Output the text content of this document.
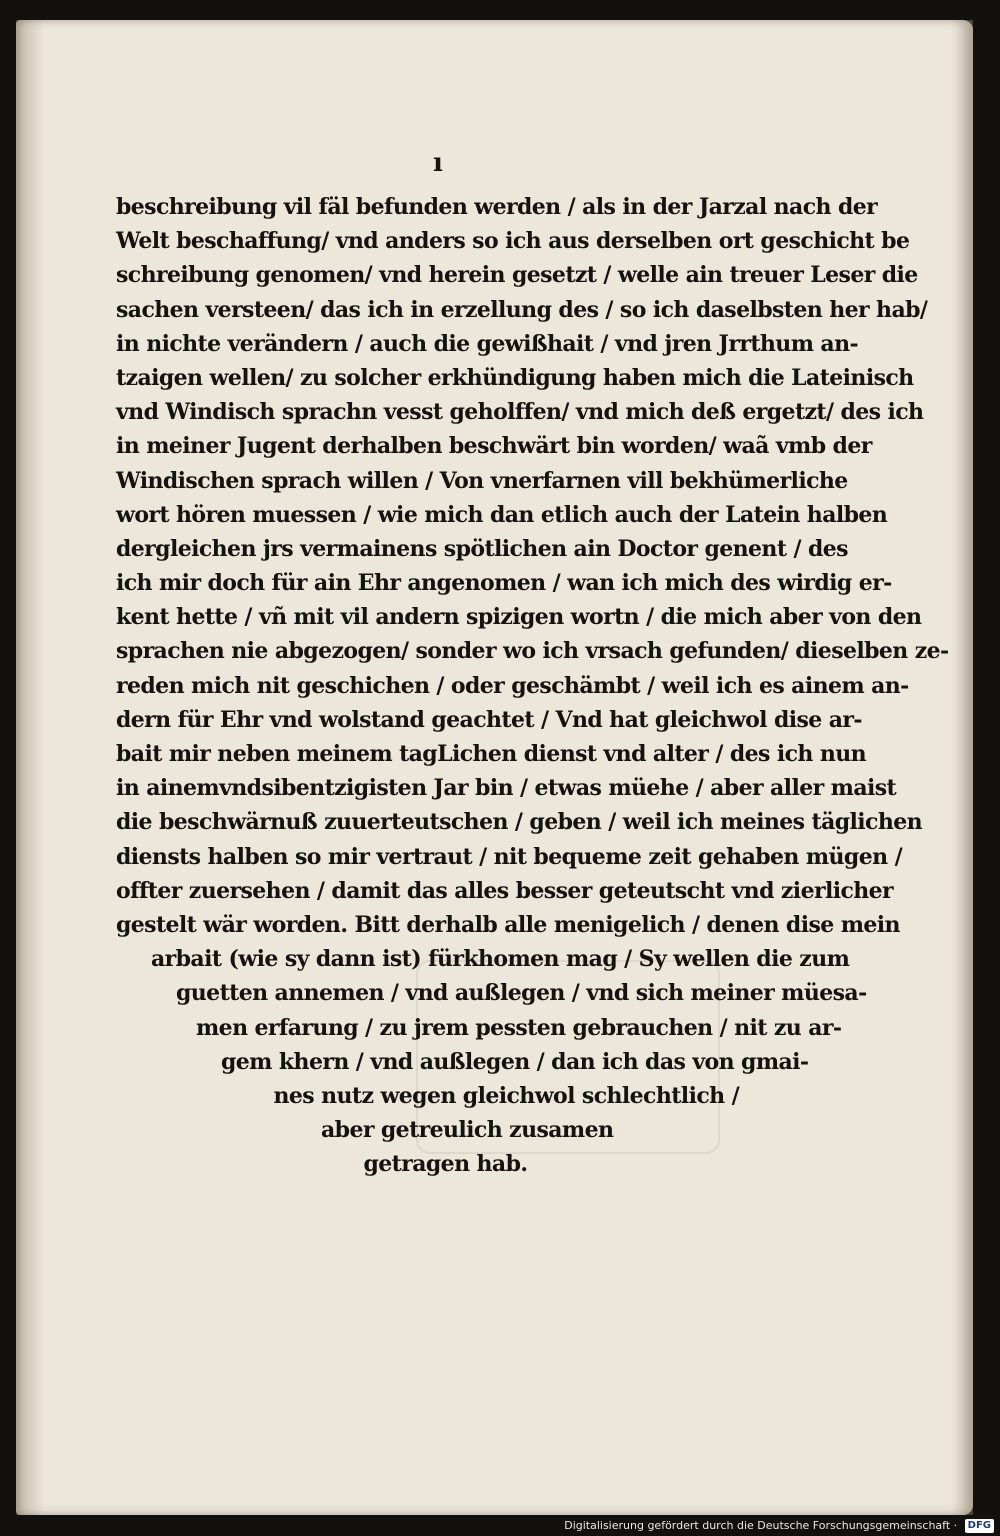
ı
beschreibung vil fäl befunden werden / als in der Jarzal nach der
Welt beschaffung/ vnd anders so ich aus derselben ort geschicht be
schreibung genomen/ vnd herein gesetzt / welle ain treuer Leser die
sachen versteen/ das ich in erzellung des / so ich daselbsten her hab/
in nichte verändern / auch die gewißhait / vnd jren Jrrthum an-
tzaigen wellen/ zu solcher erkhündigung haben mich die Lateinisch
vnd Windisch sprachn vesst geholffen/ vnd mich deß ergetzt/ des ich
in meiner Jugent derhalben beschwärt bin worden/ waã vmb der
Windischen sprach willen / Von vnerfarnen vill bekhümerliche
wort hören muessen / wie mich dan etlich auch der Latein halben
dergleichen jrs vermainens spötlichen ain Doctor genent / des
ich mir doch für ain Ehr angenomen / wan ich mich des wirdig er-
kent hette / vñ mit vil andern spizigen wortn / die mich aber von den
sprachen nie abgezogen/ sonder wo ich vrsach gefunden/ dieselben ze-
reden mich nit geschichen / oder geschämbt / weil ich es ainem an-
dern für Ehr vnd wolstand geachtet / Vnd hat gleichwol dise ar-
bait mir neben meinem tagLichen dienst vnd alter / des ich nun
in ainemvndsibentzigisten Jar bin / etwas müehe / aber aller maist
die beschwärnuß zuuerteutschen / geben / weil ich meines täglichen
diensts halben so mir vertraut / nit bequeme zeit gehaben mügen /
offter zuersehen / damit das alles besser geteutscht vnd zierlicher
gestelt wär worden. Bitt derhalb alle menigelich / denen dise mein
arbait (wie sy dann ist) fürkhomen mag / Sy wellen die zum
guetten annemen / vnd außlegen / vnd sich meiner müesa-
men erfarung / zu jrem pessten gebrauchen / nit zu ar-
gem khern / vnd außlegen / dan ich das von gmai-
nes nutz wegen gleichwol schlechtlich /
aber getreulich zusamen
getragen hab.
Digitalisierung gefördert durch die Deutsche Forschungsgemeinschaft · DFG
